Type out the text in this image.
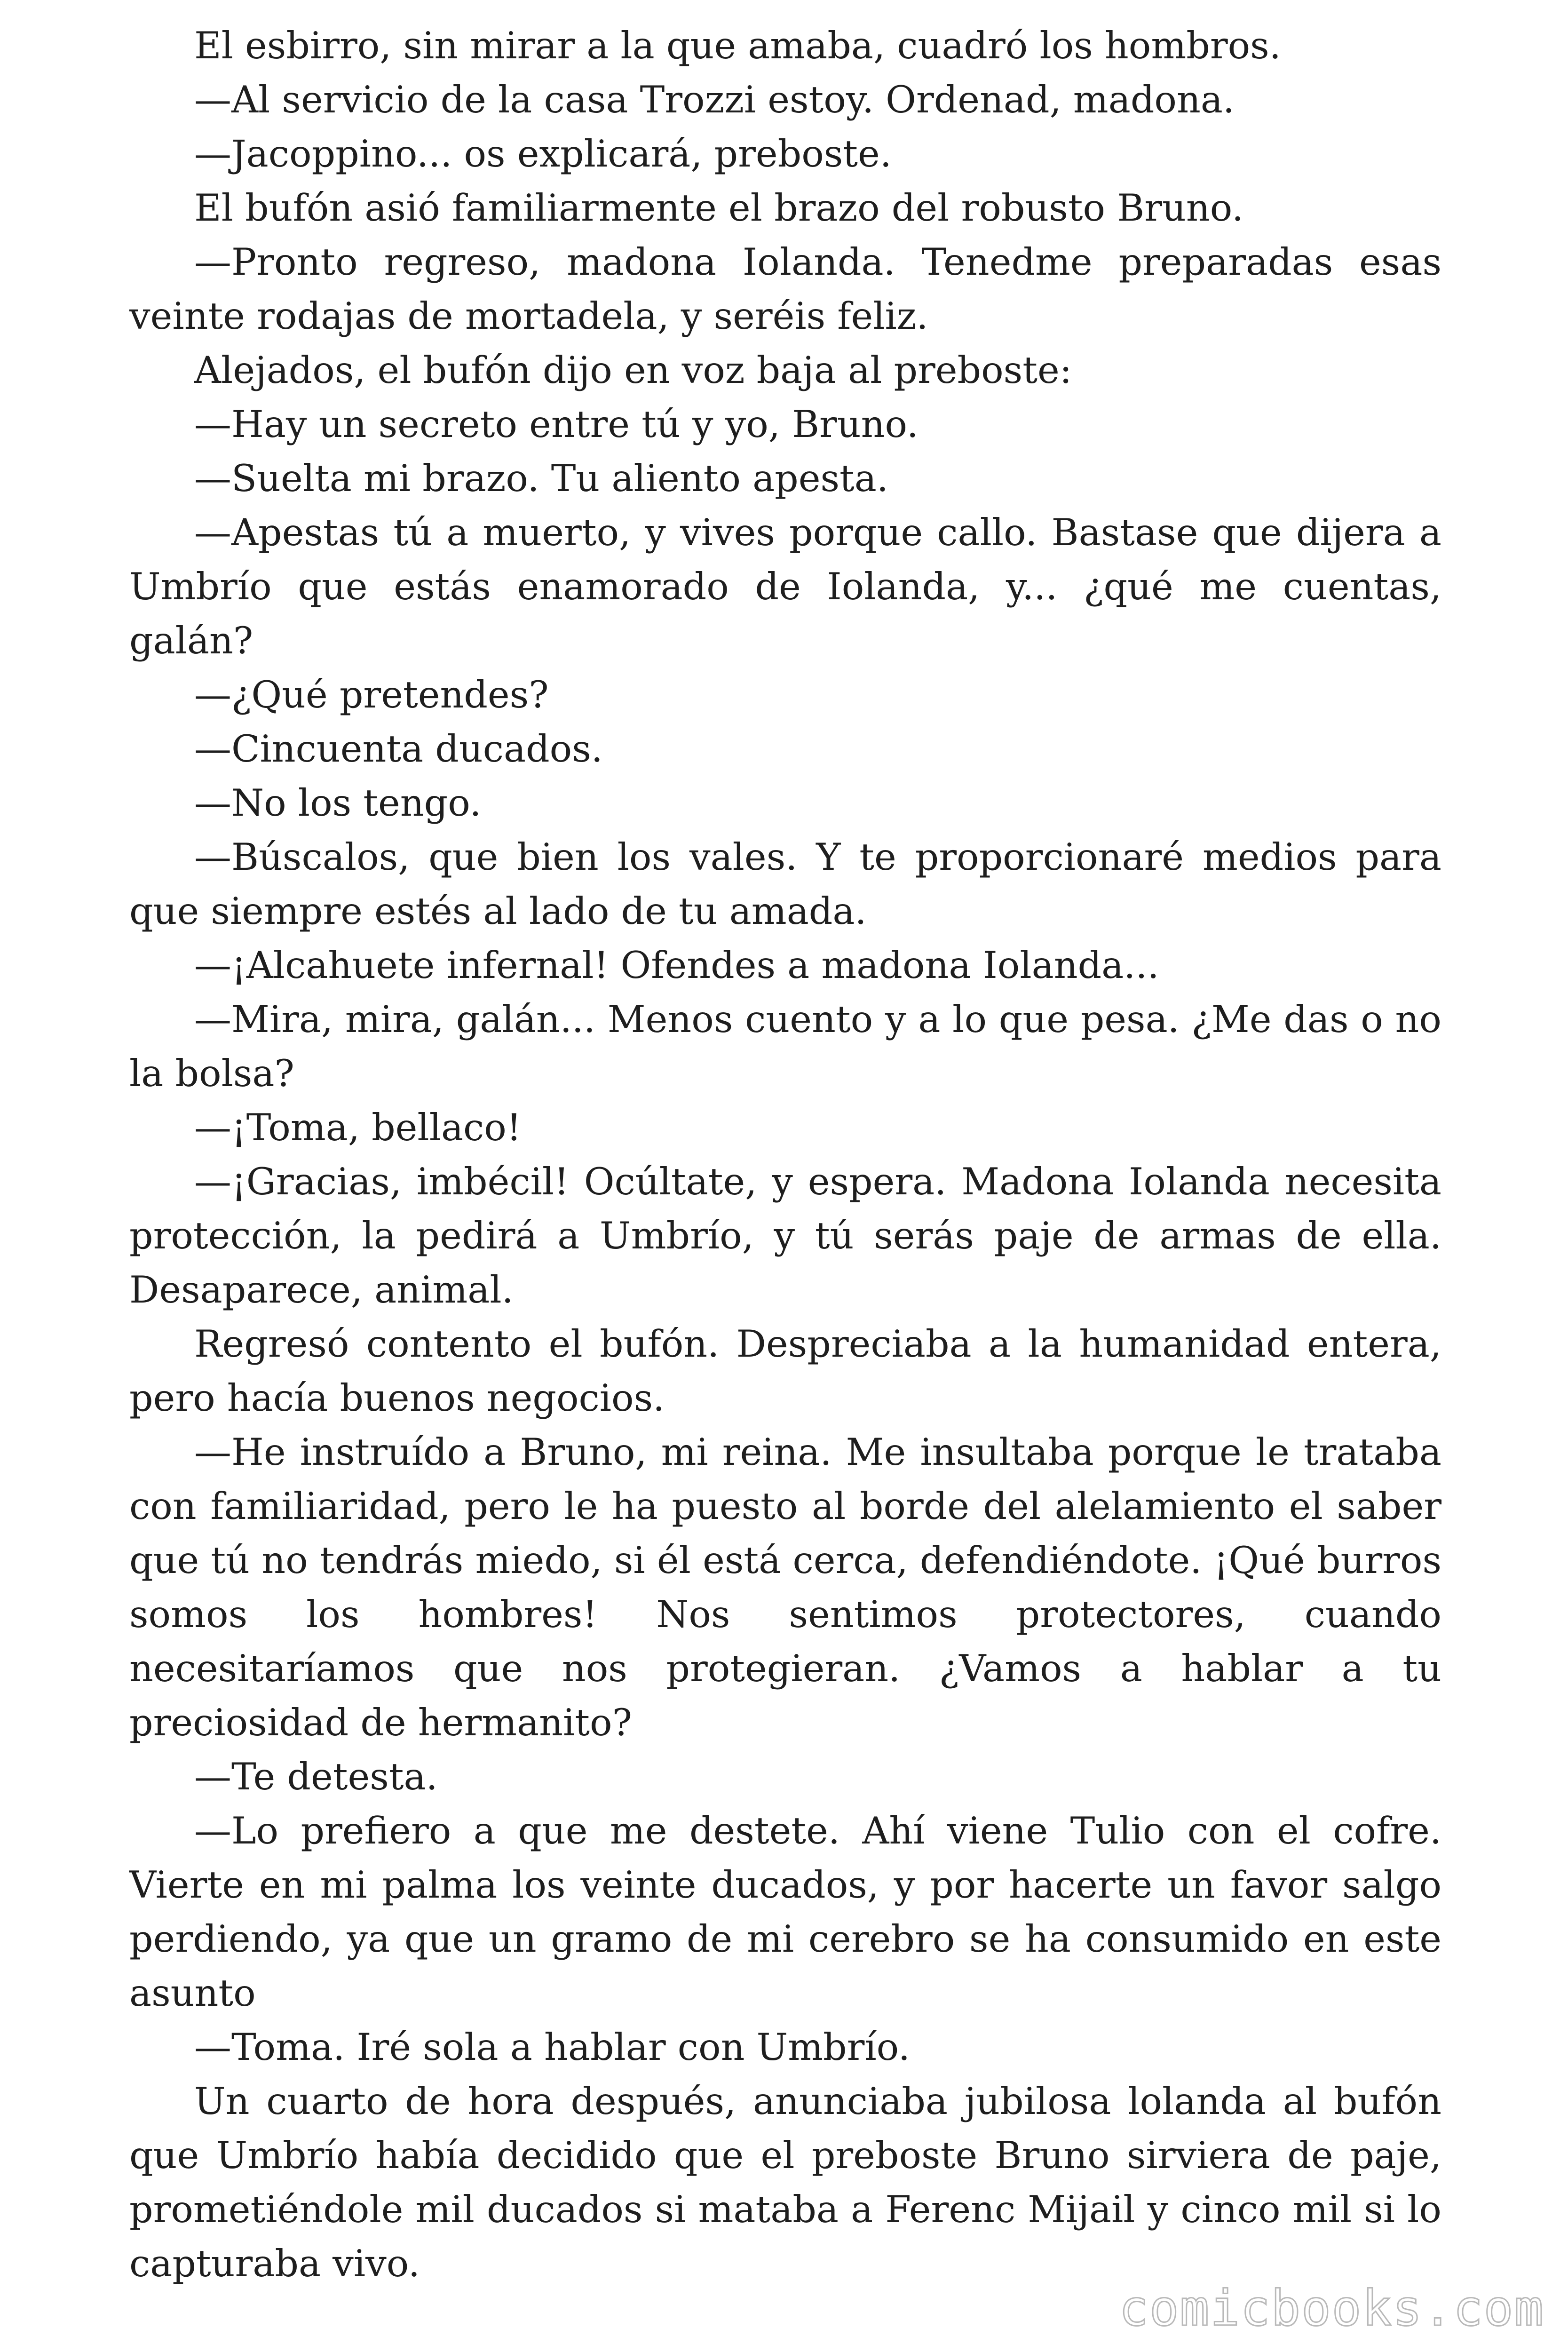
El esbirro, sin mirar a la que amaba, cuadró los hombros.

—Al servicio de la casa Trozzi estoy. Ordenad, madona.

—Jacoppino... os explicará, preboste.

El bufón asió familiarmente el brazo del robusto Bruno.

—Pronto regreso, madona Iolanda. Tenedme preparadas esas veinte rodajas de mortadela, y seréis feliz.

Alejados, el bufón dijo en voz baja al preboste:

—Hay un secreto entre tú y yo, Bruno.

—Suelta mi brazo. Tu aliento apesta.

—Apestas tú a muerto, y vives porque callo. Bastase que dijera a Umbrío que estás enamorado de Iolanda, y... ¿qué me cuentas, galán?

—¿Qué pretendes?

—Cincuenta ducados.

—No los tengo.

—Búscalos, que bien los vales. Y te proporcionaré medios para que siempre estés al lado de tu amada.

—¡Alcahuete infernal! Ofendes a madona Iolanda...

—Mira, mira, galán... Menos cuento y a lo que pesa. ¿Me das o no la bolsa?

—¡Toma, bellaco!

—¡Gracias, imbécil! Ocúltate, y espera. Madona Iolanda necesita protección, la pedirá a Umbrío, y tú serás paje de armas de ella. Desaparece, animal.

Regresó contento el bufón. Despreciaba a la humanidad entera, pero hacía buenos negocios.

—He instruído a Bruno, mi reina. Me insultaba porque le trataba con familiaridad, pero le ha puesto al borde del alelamiento el saber que tú no tendrás miedo, si él está cerca, defendiéndote. ¡Qué burros somos los hombres! Nos sentimos protectores, cuando necesitaríamos que nos protegieran. ¿Vamos a hablar a tu preciosidad de hermanito?

—Te detesta.

—Lo prefiero a que me destete. Ahí viene Tulio con el cofre. Vierte en mi palma los veinte ducados, y por hacerte un favor salgo perdiendo, ya que un gramo de mi cerebro se ha consumido en este asunto

—Toma. Iré sola a hablar con Umbrío.

Un cuarto de hora después, anunciaba jubilosa lolanda al bufón que Umbrío había decidido que el preboste Bruno sirviera de paje, prometiéndole mil ducados si mataba a Ferenc Mijail y cinco mil si lo capturaba vivo.

comicbooks.com
